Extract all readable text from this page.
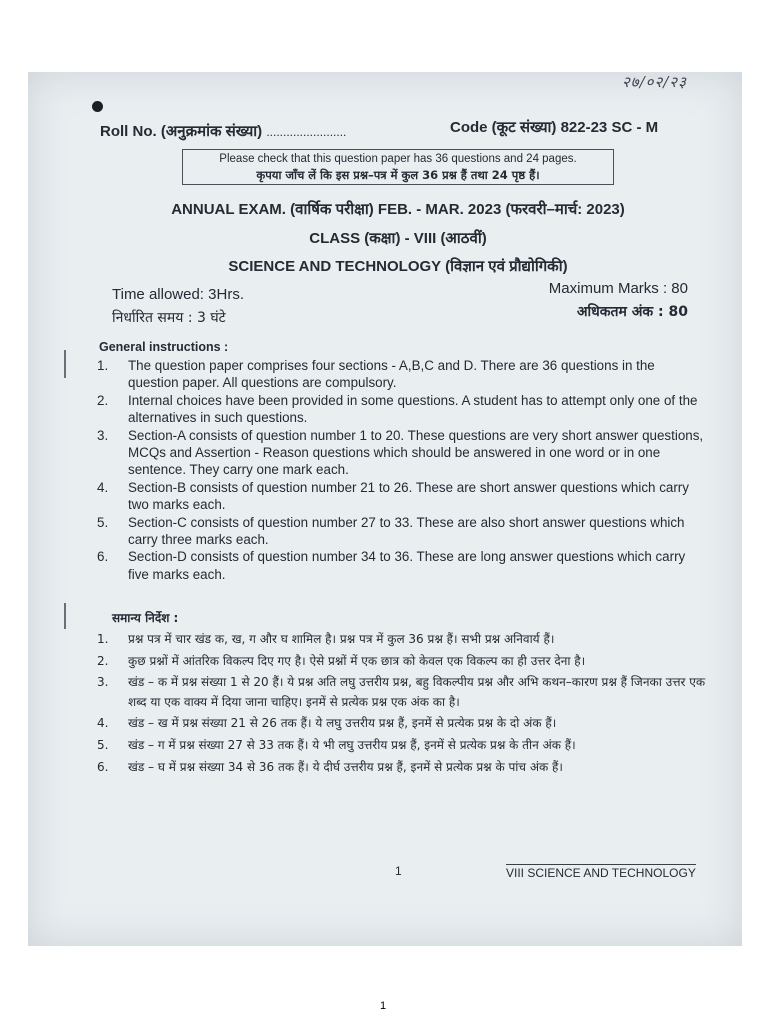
२७/०२/२३
Roll No. (अनुक्रमांक संख्या) ........................	Code (कूट संख्या) 822-23 SC - M
Please check that this question paper has 36 questions and 24 pages.
कृपया जाँच लें कि इस प्रश्न–पत्र में कुल 36 प्रश्न हैं तथा 24 पृष्ठ हैं।
ANNUAL EXAM. (वार्षिक परीक्षा) FEB. - MAR. 2023 (फरवरी–मार्च: 2023)
CLASS (कक्षा) - VIII (आठवीं)
SCIENCE AND TECHNOLOGY (विज्ञान एवं प्रौद्योगिकी)
Time allowed: 3Hrs.
निर्धारित समय : 3 घंटे
Maximum Marks : 80
अधिकतम अंक : 80
General instructions :
1. The question paper comprises four sections - A,B,C and D. There are 36 questions in the question paper. All questions are compulsory.
2. Internal choices have been provided in some questions. A student has to attempt only one of the alternatives in such questions.
3. Section-A consists of question number 1 to 20. These questions are very short answer questions, MCQs and Assertion - Reason questions which should be answered in one word or in one sentence. They carry one mark each.
4. Section-B consists of question number 21 to 26. These are short answer questions which carry two marks each.
5. Section-C consists of question number 27 to 33. These are also short answer questions which carry three marks each.
6. Section-D consists of question number 34 to 36. These are long answer questions which carry five marks each.
समान्य निर्देश :
1. प्रश्न पत्र में चार खंड क, ख, ग और घ शामिल है। प्रश्न पत्र में कुल 36 प्रश्न हैं। सभी प्रश्न अनिवार्य हैं।
2. कुछ प्रश्नों में आंतरिक विकल्प दिए गए है। ऐसे प्रश्नों में एक छात्र को केवल एक विकल्प का ही उत्तर देना है।
3. खंड – क में प्रश्न संख्या 1 से 20 हैं। ये प्रश्न अति लघु उत्तरीय प्रश्न, बहु विकल्पीय प्रश्न और अभि कथन–कारण प्रश्न हैं जिनका उत्तर एक शब्द या एक वाक्य में दिया जाना चाहिए। इनमें से प्रत्येक प्रश्न एक अंक का है।
4. खंड – ख में प्रश्न संख्या 21 से 26 तक हैं। ये लघु उत्तरीय प्रश्न हैं, इनमें से प्रत्येक प्रश्न के दो अंक हैं।
5. खंड – ग में प्रश्न संख्या 27 से 33 तक हैं। ये भी लघु उत्तरीय प्रश्न हैं, इनमें से प्रत्येक प्रश्न के तीन अंक हैं।
6. खंड – घ में प्रश्न संख्या 34 से 36 तक हैं। ये दीर्घ उत्तरीय प्रश्न हैं, इनमें से प्रत्येक प्रश्न के पांच अंक हैं।
1	VIII SCIENCE AND TECHNOLOGY
1
